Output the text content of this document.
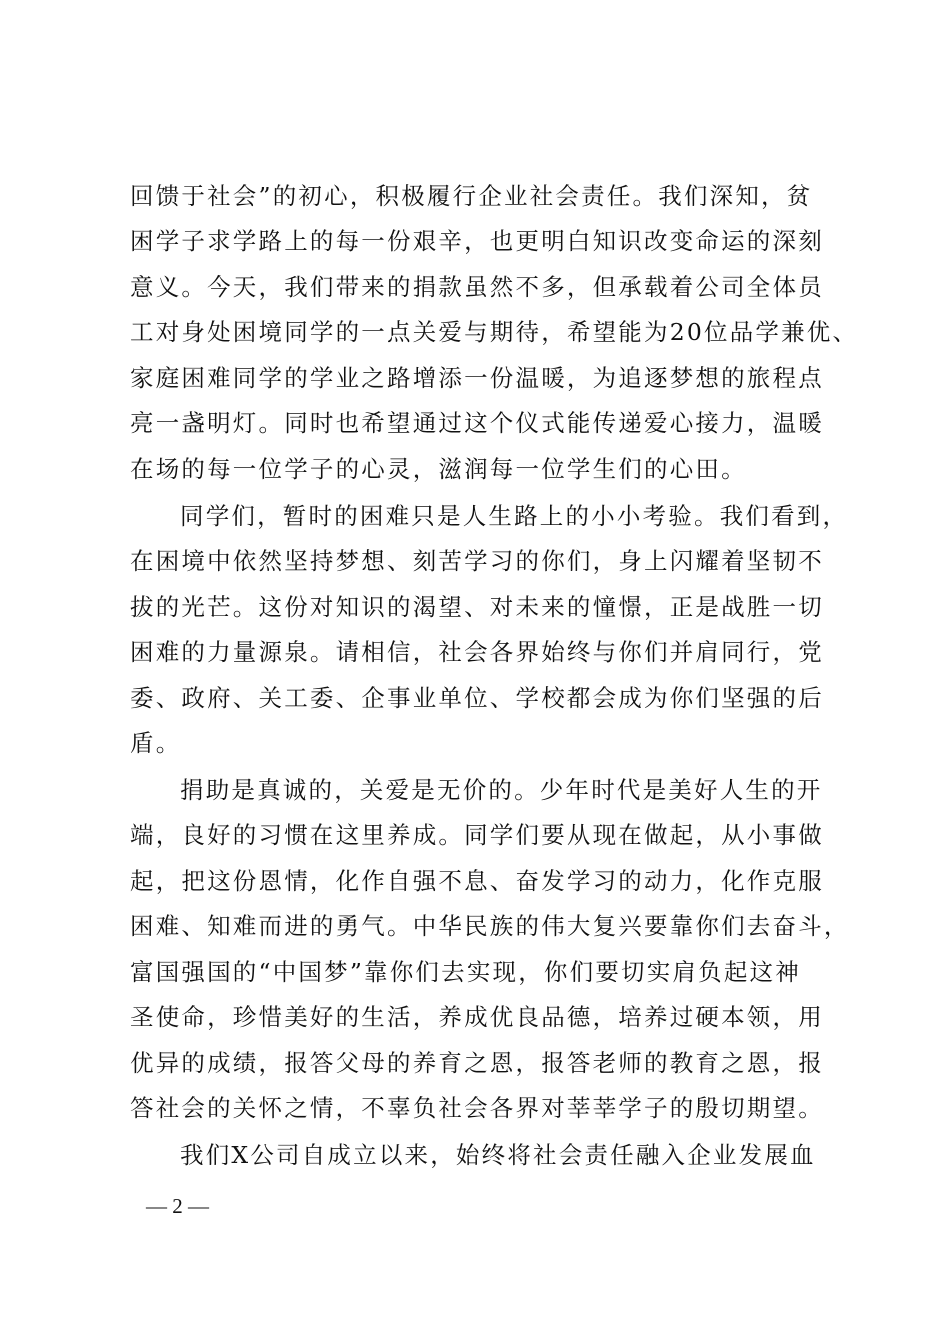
回馈于社会”的初心，积极履行企业社会责任。我们深知，贫
困学子求学路上的每一份艰辛，也更明白知识改变命运的深刻
意义。今天，我们带来的捐款虽然不多，但承载着公司全体员
工对身处困境同学的一点关爱与期待，希望能为20位品学兼优、
家庭困难同学的学业之路增添一份温暖，为追逐梦想的旅程点
亮一盏明灯。同时也希望通过这个仪式能传递爱心接力，温暖
在场的每一位学子的心灵，滋润每一位学生们的心田。
同学们，暂时的困难只是人生路上的小小考验。我们看到，
在困境中依然坚持梦想、刻苦学习的你们，身上闪耀着坚韧不
拔的光芒。这份对知识的渴望、对未来的憧憬，正是战胜一切
困难的力量源泉。请相信，社会各界始终与你们并肩同行，党
委、政府、关工委、企事业单位、学校都会成为你们坚强的后
盾。
捐助是真诚的，关爱是无价的。少年时代是美好人生的开
端，良好的习惯在这里养成。同学们要从现在做起，从小事做
起，把这份恩情，化作自强不息、奋发学习的动力，化作克服
困难、知难而进的勇气。中华民族的伟大复兴要靠你们去奋斗，
富国强国的“中国梦”靠你们去实现，你们要切实肩负起这神
圣使命，珍惜美好的生活，养成优良品德，培养过硬本领，用
优异的成绩，报答父母的养育之恩，报答老师的教育之恩，报
答社会的关怀之情，不辜负社会各界对莘莘学子的殷切期望。
我们X公司自成立以来，始终将社会责任融入企业发展血
— 2 —
